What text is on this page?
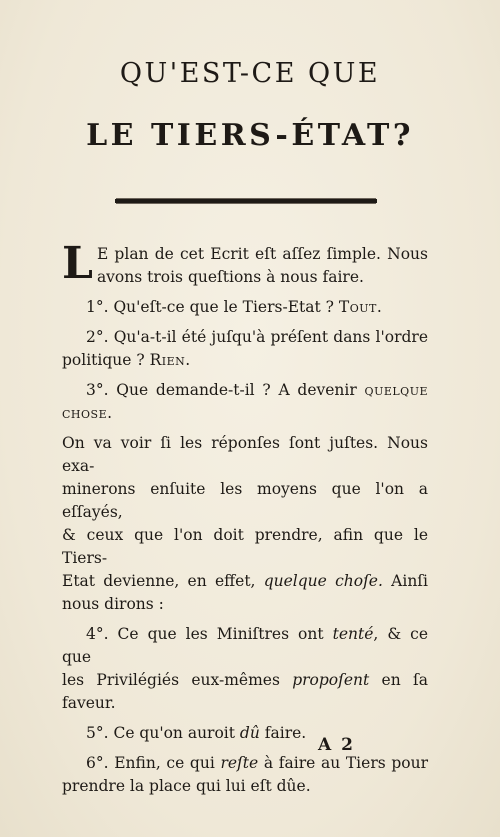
QU'EST-CE QUE
LE TIERS-ÉTAT?
L E plan de cet Ecrit eſt aſſez ſimple. Nous
avons trois queſtions à nous faire.
1°. Qu'eſt-ce que le Tiers-Etat ? Tout.
2°. Qu'a-t-il été juſqu'à préſent dans l'ordre
politique ? Rien.
3°. Que demande-t-il ? A devenir quelque
chose.
On va voir ſi les réponſes ſont juſtes. Nous exa-
minerons enſuite les moyens que l'on a eſſayés,
& ceux que l'on doit prendre, afin que le Tiers-
Etat devienne, en effet, quelque choſe. Ainſi
nous dirons :
4°. Ce que les Miniſtres ont tenté, & ce que
les Privilégiés eux-mêmes propoſent en ſa
faveur.
5°. Ce qu'on auroit dû faire.
6°. Enfin, ce qui reſte à faire au Tiers pour
prendre la place qui lui eſt dûe.
A 2
